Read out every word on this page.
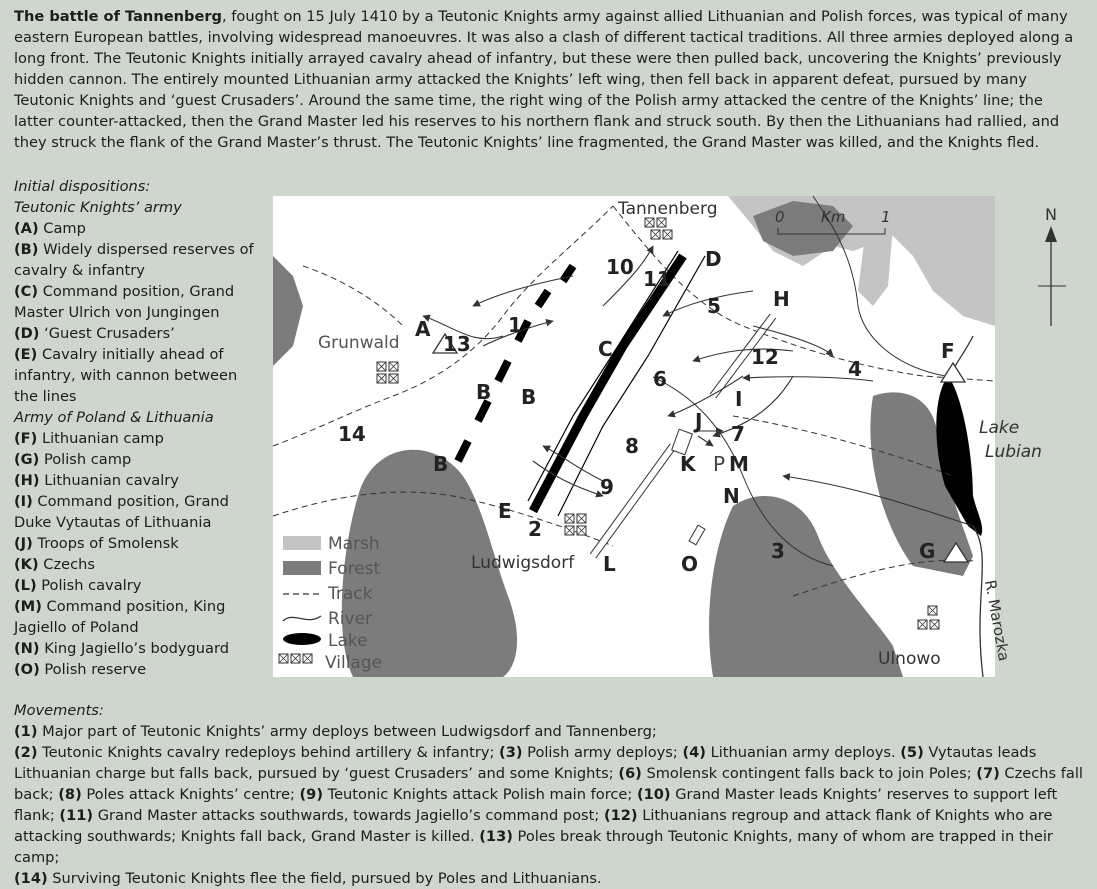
The battle of Tannenberg, fought on 15 July 1410 by a Teutonic Knights army against allied Lithuanian and Polish forces, was typical of many eastern European battles, involving widespread manoeuvres. It was also a clash of different tactical traditions. All three armies deployed along a long front. The Teutonic Knights initially arrayed cavalry ahead of infantry, but these were then pulled back, uncovering the Knights’ previously hidden cannon. The entirely mounted Lithuanian army attacked the Knights’ left wing, then fell back in apparent defeat, pursued by many Teutonic Knights and ‘guest Crusaders’. Around the same time, the right wing of the Polish army attacked the centre of the Knights’ line; the latter counter-attacked, then the Grand Master led his reserves to his northern flank and struck south. By then the Lithuanians had rallied, and they struck the flank of the Grand Master’s thrust. The Teutonic Knights’ line fragmented, the Grand Master was killed, and the Knights fled.

Initial dispositions:
Teutonic Knights’ army
(A) Camp
(B) Widely dispersed reserves of cavalry & infantry
(C) Command position, Grand Master Ulrich von Jungingen
(D) ‘Guest Crusaders’
(E) Cavalry initially ahead of infantry, with cannon between the lines
Army of Poland & Lithuania
(F) Lithuanian camp
(G) Polish camp
(H) Lithuanian cavalry
(I) Command position, Grand Duke Vytautas of Lithuania
(J) Troops of Smolensk
(K) Czechs
(L) Polish cavalry
(M) Command position, King Jagiello of Poland
(N) King Jagiello’s bodyguard
(O) Polish reserve
0 Km 1	N
Tannenberg
Grunwald
Ludwigsdorf
Ulnowo
Lake
Lubian
R. Marozka
A
B B
B
C
D
E
F
G
H
I
J
K M
N
O
L
P
1
2
3
4
5
6
7
8
9
10 11
12
13
14
Marsh
Forest
Track
River
Lake
Village
Movements:
(1) Major part of Teutonic Knights’ army deploys between Ludwigsdorf and Tannenberg;
(2) Teutonic Knights cavalry redeploys behind artillery & infantry; (3) Polish army deploys; (4) Lithuanian army deploys. (5) Vytautas leads Lithuanian charge but falls back, pursued by ‘guest Crusaders’ and some Knights; (6) Smolensk contingent falls back to join Poles; (7) Czechs fall back; (8) Poles attack Knights’ centre; (9) Teutonic Knights attack Polish main force; (10) Grand Master leads Knights’ reserves to support left flank; (11) Grand Master attacks southwards, towards Jagiello’s command post; (12) Lithuanians regroup and attack flank of Knights who are attacking southwards; Knights fall back, Grand Master is killed. (13) Poles break through Teutonic Knights, many of whom are trapped in their camp;
(14) Surviving Teutonic Knights flee the field, pursued by Poles and Lithuanians.
